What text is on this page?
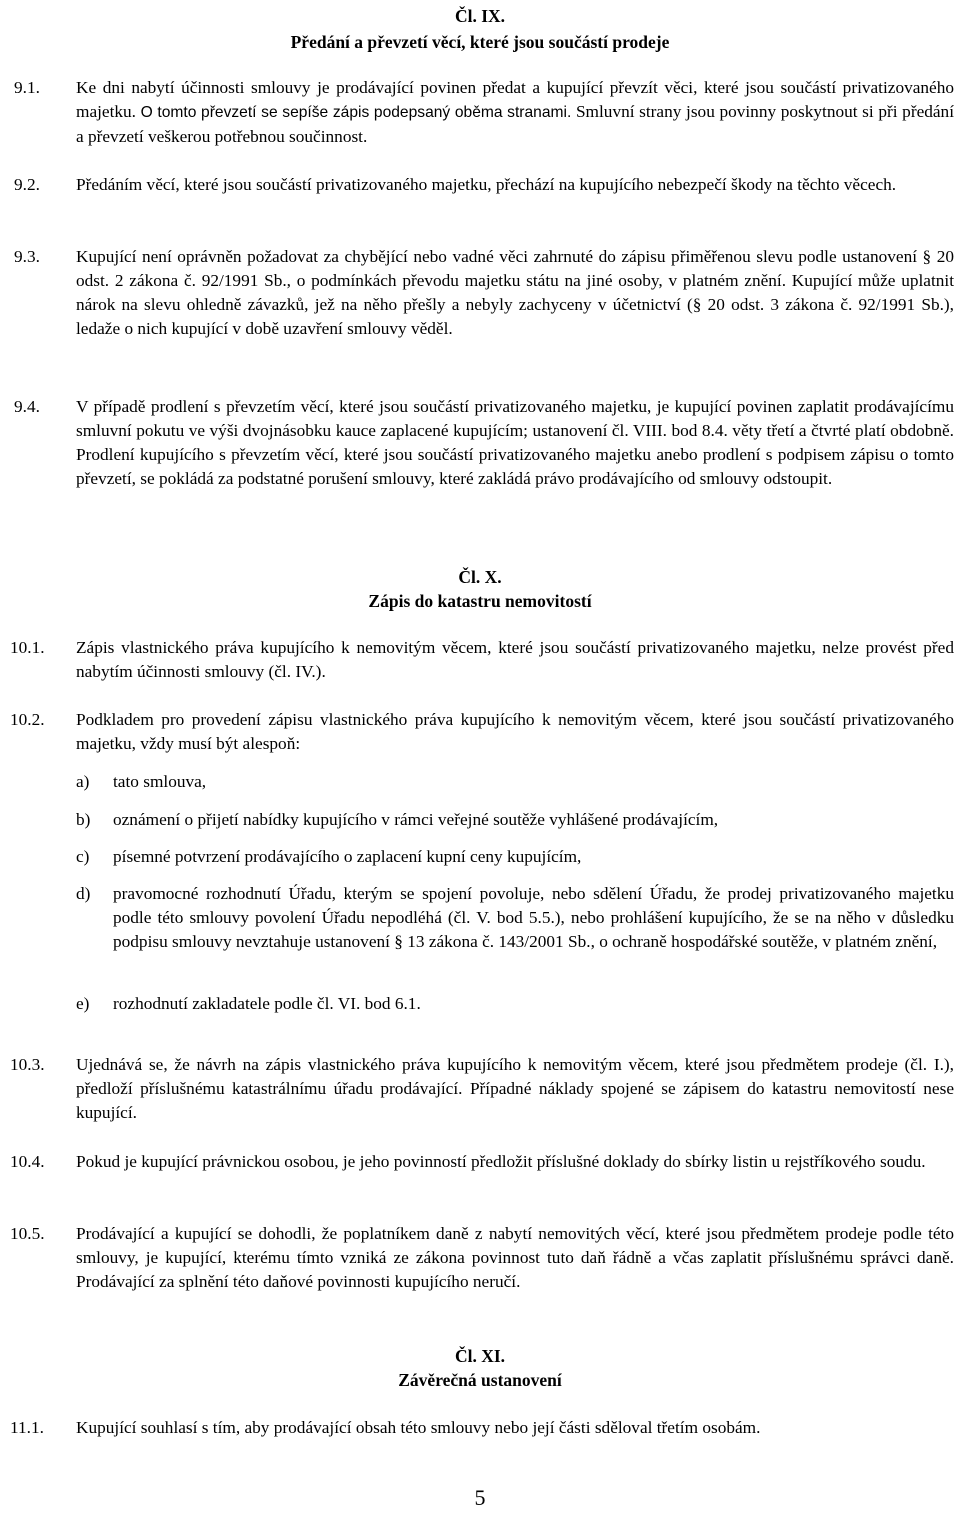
Čl. IX.
Předání a převzetí věcí, které jsou součástí prodeje
9.1. Ke dni nabytí účinnosti smlouvy je prodávající povinen předat a kupující převzít věci, které jsou součástí privatizovaného majetku. O tomto převzetí se sepíše zápis podepsaný oběma stranami. Smluvní strany jsou povinny poskytnout si při předání a převzetí veškerou potřebnou součinnost.
9.2. Předáním věcí, které jsou součástí privatizovaného majetku, přechází na kupujícího nebezpečí škody na těchto věcech.
9.3. Kupující není oprávněn požadovat za chybějící nebo vadné věci zahrnuté do zápisu přiměřenou slevu podle ustanovení § 20 odst. 2 zákona č. 92/1991 Sb., o podmínkách převodu majetku státu na jiné osoby, v platném znění. Kupující může uplatnit nárok na slevu ohledně závazků, jež na něho přešly a nebyly zachyceny v účetnictví (§ 20 odst. 3 zákona č. 92/1991 Sb.), ledaže o nich kupující v době uzavření smlouvy věděl.
9.4. V případě prodlení s převzetím věcí, které jsou součástí privatizovaného majetku, je kupující povinen zaplatit prodávajícímu smluvní pokutu ve výši dvojnásobku kauce zaplacené kupujícím; ustanovení čl. VIII. bod 8.4. věty třetí a čtvrté platí obdobně. Prodlení kupujícího s převzetím věcí, které jsou součástí privatizovaného majetku anebo prodlení s podpisem zápisu o tomto převzetí, se pokládá za podstatné porušení smlouvy, které zakládá právo prodávajícího od smlouvy odstoupit.
Čl. X.
Zápis do katastru nemovitostí
10.1. Zápis vlastnického práva kupujícího k nemovitým věcem, které jsou součástí privatizovaného majetku, nelze provést před nabytím účinnosti smlouvy (čl. IV.).
10.2. Podkladem pro provedení zápisu vlastnického práva kupujícího k nemovitým věcem, které jsou součástí privatizovaného majetku, vždy musí být alespoň:
a) tato smlouva,
b) oznámení o přijetí nabídky kupujícího v rámci veřejné soutěže vyhlášené prodávajícím,
c) písemné potvrzení prodávajícího o zaplacení kupní ceny kupujícím,
d) pravomocné rozhodnutí Úřadu, kterým se spojení povoluje, nebo sdělení Úřadu, že prodej privatizovaného majetku podle této smlouvy povolení Úřadu nepodléhá (čl. V. bod 5.5.), nebo prohlášení kupujícího, že se na něho v důsledku podpisu smlouvy nevztahuje ustanovení § 13 zákona č. 143/2001 Sb., o ochraně hospodářské soutěže, v platném znění,
e) rozhodnutí zakladatele podle čl. VI. bod 6.1.
10.3. Ujednává se, že návrh na zápis vlastnického práva kupujícího k nemovitým věcem, které jsou předmětem prodeje (čl. I.), předloží příslušnému katastrálnímu úřadu prodávající. Případné náklady spojené se zápisem do katastru nemovitostí nese kupující.
10.4. Pokud je kupující právnickou osobou, je jeho povinností předložit příslušné doklady do sbírky listin u rejstříkového soudu.
10.5. Prodávající a kupující se dohodli, že poplatníkem daně z nabytí nemovitých věcí, které jsou předmětem prodeje podle této smlouvy, je kupující, kterému tímto vzniká ze zákona povinnost tuto daň řádně a včas zaplatit příslušnému správci daně. Prodávající za splnění této daňové povinnosti kupujícího neručí.
Čl. XI.
Závěrečná ustanovení
11.1. Kupující souhlasí s tím, aby prodávající obsah této smlouvy nebo její části sděloval třetím osobám.
5
